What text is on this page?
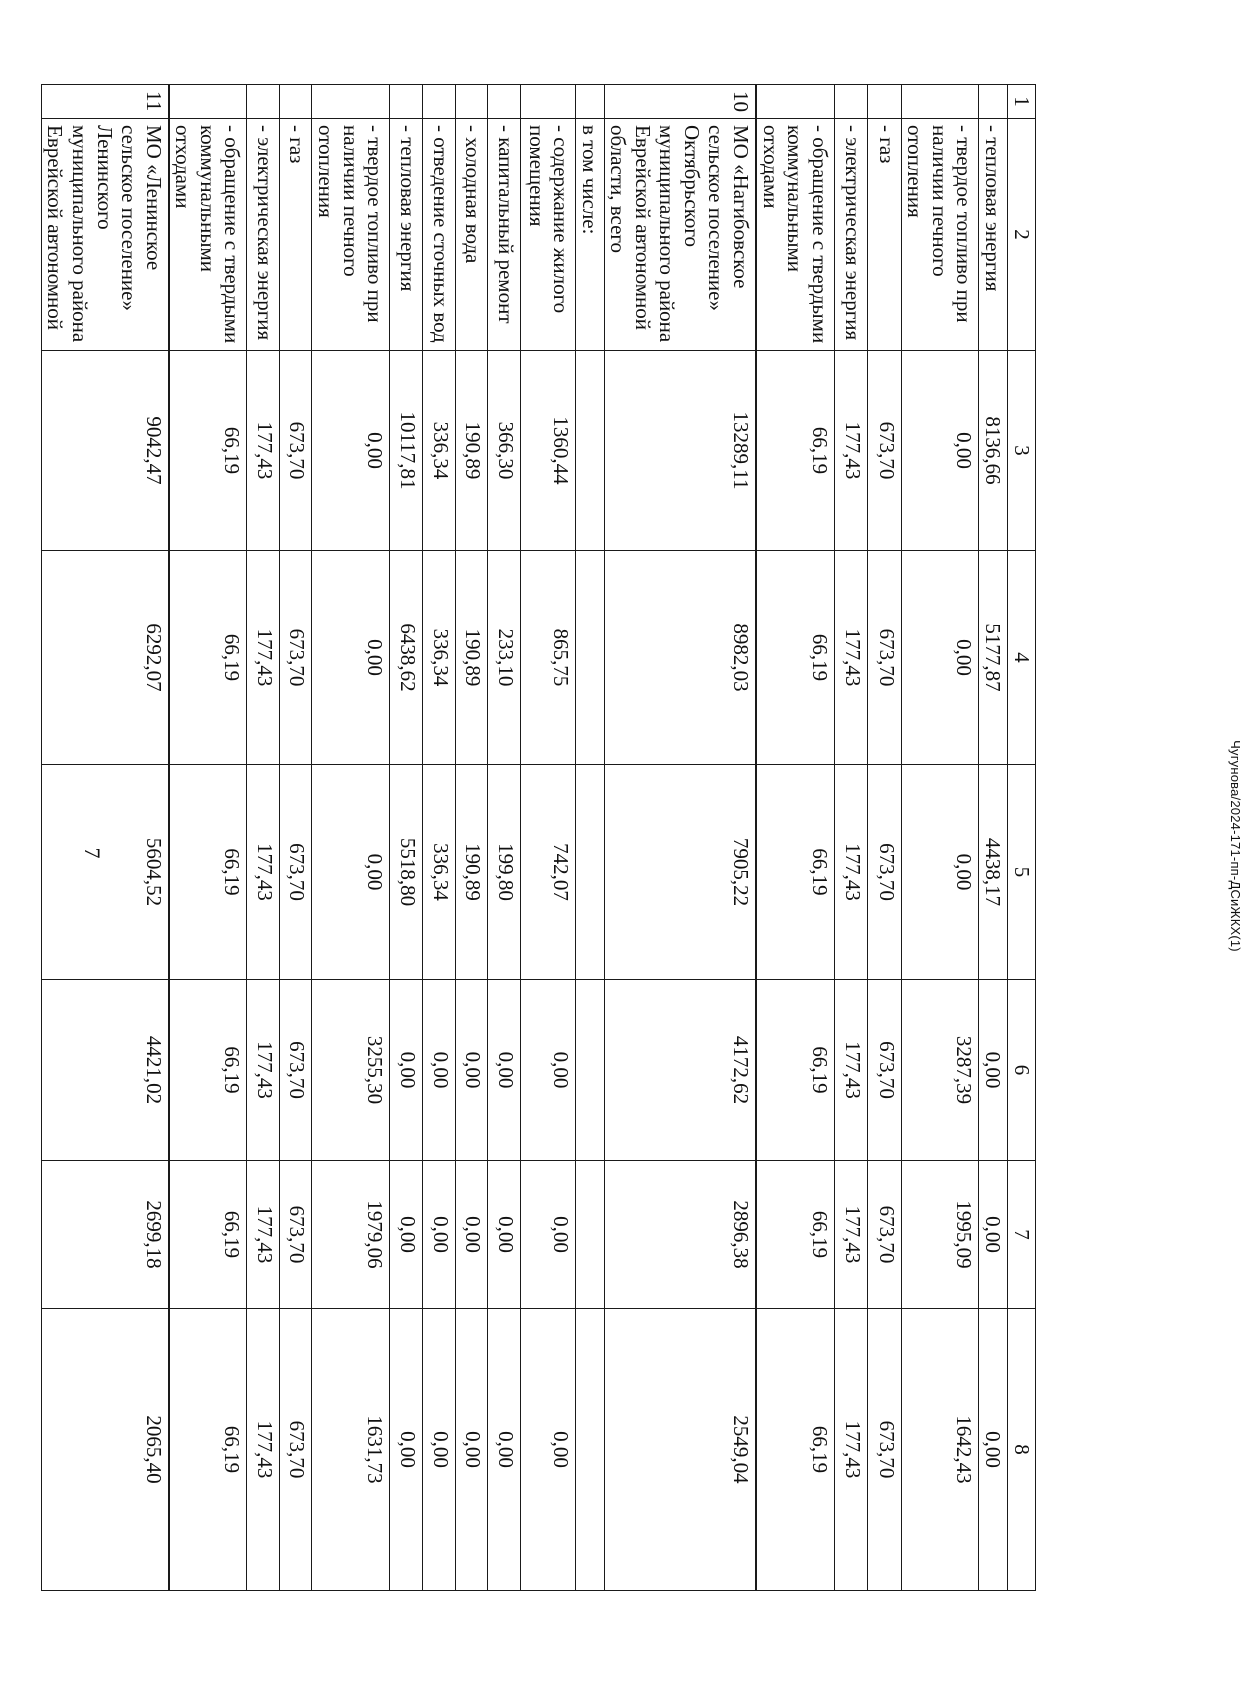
7
1	2	3	4	5	6	7	8
	- тепловая энергия	8136,66	5177,87	4438,17	0,00	0,00	0,00
	- твердое топливо при наличии печного отопления	0,00	0,00	0,00	3287,39	1995,09	1642,43
	- газ	673,70	673,70	673,70	673,70	673,70	673,70
	- электрическая энергия	177,43	177,43	177,43	177,43	177,43	177,43
	- обращение с твердыми коммунальными отходами	66,19	66,19	66,19	66,19	66,19	66,19
10	МО «Нагибовское сельское поселение» Октябрьского муниципального района Еврейской автономной области, всего	13289,11	8982,03	7905,22	4172,62	2896,38	2549,04
	в том числе:						
	- содержание жилого помещения	1360,44	865,75	742,07	0,00	0,00	0,00
	- капитальный ремонт	366,30	233,10	199,80	0,00	0,00	0,00
	- холодная вода	190,89	190,89	190,89	0,00	0,00	0,00
	- отведение сточных вод	336,34	336,34	336,34	0,00	0,00	0,00
	- тепловая энергия	10117,81	6438,62	5518,80	0,00	0,00	0,00
	- твердое топливо при наличии печного отопления	0,00	0,00	0,00	3255,30	1979,06	1631,73
	- газ	673,70	673,70	673,70	673,70	673,70	673,70
	- электрическая энергия	177,43	177,43	177,43	177,43	177,43	177,43
	- обращение с твердыми коммунальными отходами	66,19	66,19	66,19	66,19	66,19	66,19
11	МО «Ленинское сельское поселение» Ленинского муниципального района Еврейской автономной	9042,47	6292,07	5604,52	4421,02	2699,18	2065,40
Чугунова/2024-171-пп-ДСиЖКХ(1)
